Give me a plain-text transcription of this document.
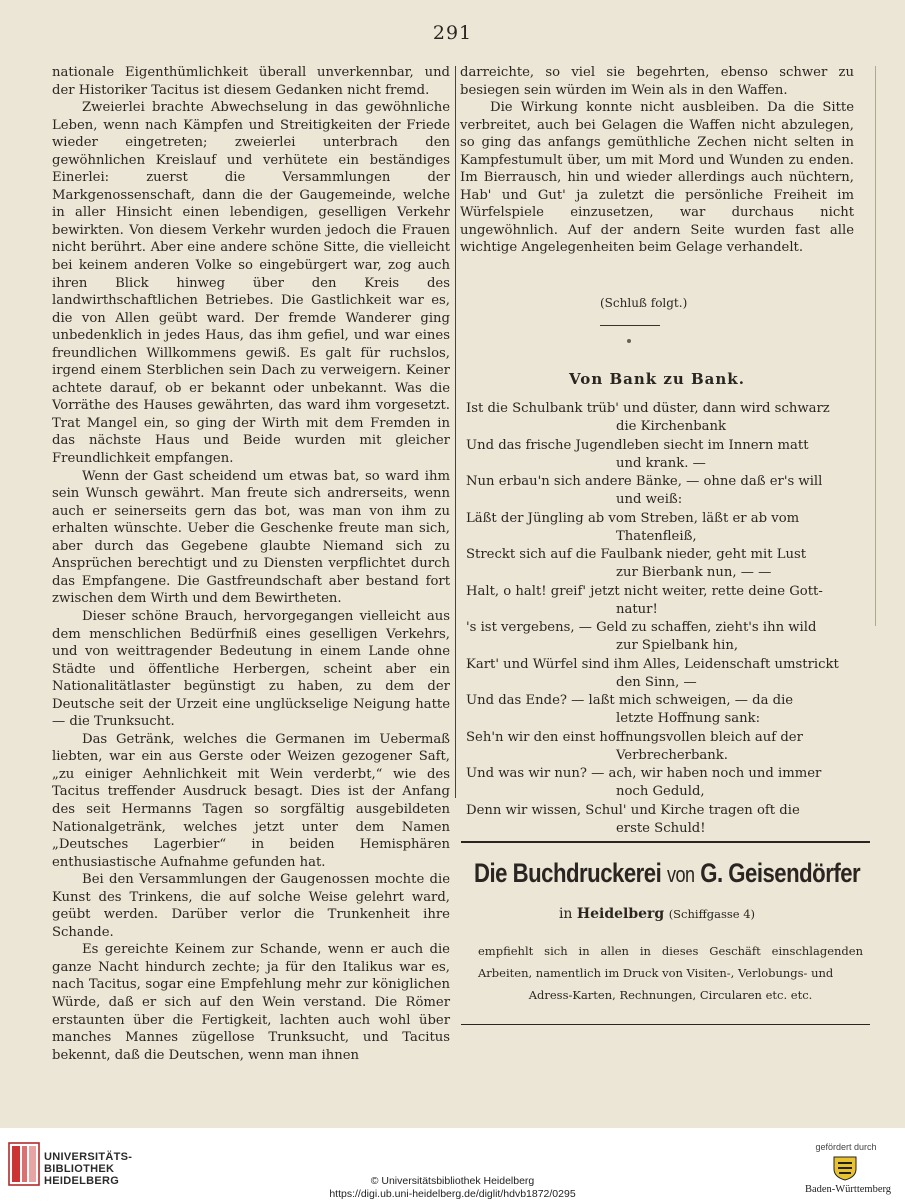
291

nationale Eigenthümlichkeit überall unverkennbar, und der Historiker Tacitus ist diesem Gedanken nicht fremd.

Zweierlei brachte Abwechselung in das gewöhnliche Leben, wenn nach Kämpfen und Streitigkeiten der Friede wieder eingetreten; zweierlei unterbrach den gewöhnlichen Kreislauf und verhütete ein beständiges Einerlei: zuerst die Versammlungen der Markgenossenschaft, dann die der Gaugemeinde, welche in aller Hinsicht einen lebendigen, geselligen Verkehr bewirkten. Von diesem Verkehr wurden jedoch die Frauen nicht berührt. Aber eine andere schöne Sitte, die vielleicht bei keinem anderen Volke so eingebürgert war, zog auch ihren Blick hinweg über den Kreis des landwirthschaftlichen Betriebes. Die Gastlichkeit war es, die von Allen geübt ward. Der fremde Wanderer ging unbedenklich in jedes Haus, das ihm gefiel, und war eines freundlichen Willkommens gewiß. Es galt für ruchslos, irgend einem Sterblichen sein Dach zu verweigern. Keiner achtete darauf, ob er bekannt oder unbekannt. Was die Vorräthe des Hauses gewährten, das ward ihm vorgesetzt. Trat Mangel ein, so ging der Wirth mit dem Fremden in das nächste Haus und Beide wurden mit gleicher Freundlichkeit empfangen.

Wenn der Gast scheidend um etwas bat, so ward ihm sein Wunsch gewährt. Man freute sich andrerseits, wenn auch er seinerseits gern das bot, was man von ihm zu erhalten wünschte. Ueber die Geschenke freute man sich, aber durch das Gegebene glaubte Niemand sich zu Ansprüchen berechtigt und zu Diensten verpflichtet durch das Empfangene. Die Gastfreundschaft aber bestand fort zwischen dem Wirth und dem Bewirtheten.

Dieser schöne Brauch, hervorgegangen vielleicht aus dem menschlichen Bedürfniß eines geselligen Verkehrs, und von weittragender Bedeutung in einem Lande ohne Städte und öffentliche Herbergen, scheint aber ein Nationalitätlaster begünstigt zu haben, zu dem der Deutsche seit der Urzeit eine unglückselige Neigung hatte — die Trunksucht.

Das Getränk, welches die Germanen im Uebermaß liebten, war ein aus Gerste oder Weizen gezogener Saft, „zu einiger Aehnlichkeit mit Wein verderbt,“ wie des Tacitus treffender Ausdruck besagt. Dies ist der Anfang des seit Hermanns Tagen so sorgfältig ausgebildeten Nationalgetränk, welches jetzt unter dem Namen „Deutsches Lagerbier“ in beiden Hemisphären enthusiastische Aufnahme gefunden hat.

Bei den Versammlungen der Gaugenossen mochte die Kunst des Trinkens, die auf solche Weise gelehrt ward, geübt werden. Darüber verlor die Trunkenheit ihre Schande.

Es gereichte Keinem zur Schande, wenn er auch die ganze Nacht hindurch zechte; ja für den Italikus war es, nach Tacitus, sogar eine Empfehlung mehr zur königlichen Würde, daß er sich auf den Wein verstand. Die Römer erstaunten über die Fertigkeit, lachten auch wohl über manches Mannes zügellose Trunksucht, und Tacitus bekennt, daß die Deutschen, wenn man ihnen

darreichte, so viel sie begehrten, ebenso schwer zu besiegen sein würden im Wein als in den Waffen.

Die Wirkung konnte nicht ausbleiben. Da die Sitte verbreitet, auch bei Gelagen die Waffen nicht abzulegen, so ging das anfangs gemüthliche Zechen nicht selten in Kampfestumult über, um mit Mord und Wunden zu enden. Im Bierrausch, hin und wieder allerdings auch nüchtern, Hab' und Gut' ja zuletzt die persönliche Freiheit im Würfelspiele einzusetzen, war durchaus nicht ungewöhnlich. Auf der andern Seite wurden fast alle wichtige Angelegenheiten beim Gelage verhandelt.

(Schluß folgt.)
Von Bank zu Bank.
Ist die Schulbank trüb' und düster, dann wird schwarz
die Kirchenbank
Und das frische Jugendleben siecht im Innern matt
und krank. —
Nun erbau'n sich andere Bänke, — ohne daß er's will
und weiß:
Läßt der Jüngling ab vom Streben, läßt er ab vom
Thatenfleiß,
Streckt sich auf die Faulbank nieder, geht mit Lust
zur Bierbank nun, — —
Halt, o halt! greif' jetzt nicht weiter, rette deine Gott-
natur!
's ist vergebens, — Geld zu schaffen, zieht's ihn wild
zur Spielbank hin,
Kart' und Würfel sind ihm Alles, Leidenschaft umstrickt
den Sinn, —
Und das Ende? — laßt mich schweigen, — da die
letzte Hoffnung sank:
Seh'n wir den einst hoffnungsvollen bleich auf der
Verbrecherbank.
Und was wir nun? — ach, wir haben noch und immer
noch Geduld,
Denn wir wissen, Schul' und Kirche tragen oft die
erste Schuld!
Die Buchdruckerei von G. Geisendörfer
in Heidelberg (Schiffgasse 4)
empfiehlt sich in allen in dieses Geschäft einschlagenden Arbeiten, namentlich im Druck von Visiten-, Verlobungs- und
Adress-Karten, Rechnungen, Circularen etc. etc.
UNIVERSITÄTS-
BIBLIOTHEK
HEIDELBERG	© Universitätsbibliothek Heidelberg
https://digi.ub.uni-heidelberg.de/diglit/hdvb1872/0295
gefördert durch
Baden-Württemberg
